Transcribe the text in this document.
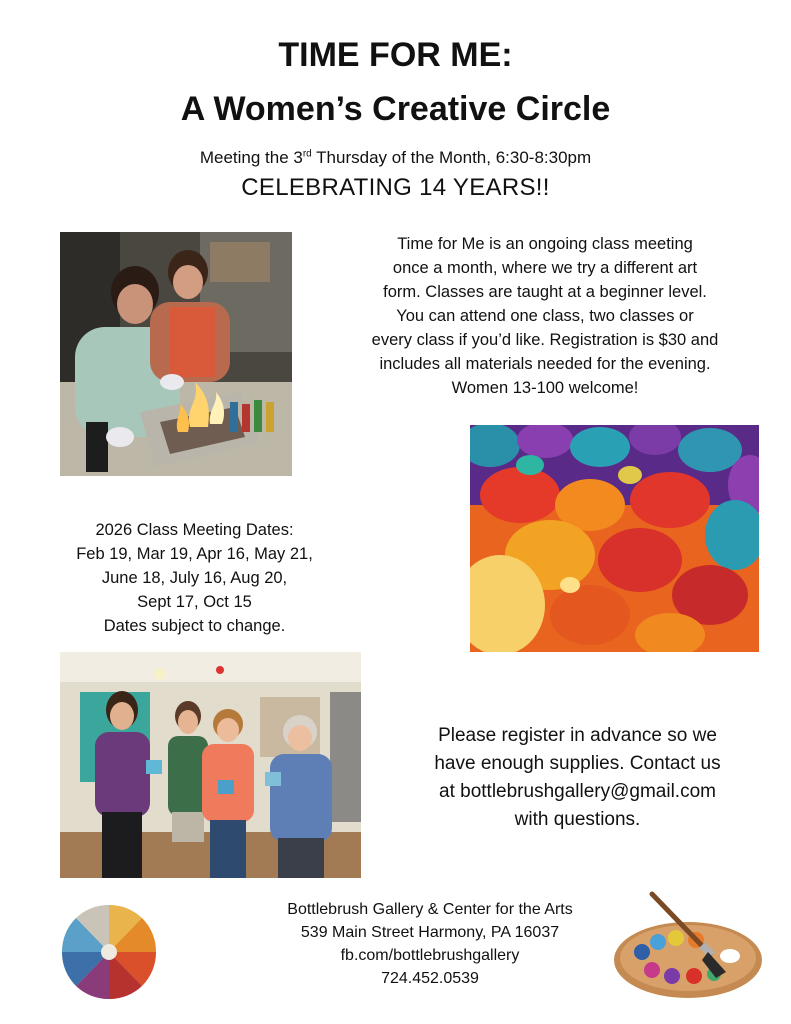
TIME FOR ME:
A Women’s Creative Circle
Meeting the 3rd Thursday of the Month, 6:30-8:30pm
CELEBRATING 14 YEARS!!
Time for Me is an ongoing class meeting
once a month, where we try a different art
form. Classes are taught at a beginner level.
You can attend one class, two classes or
every class if you’d like. Registration is $30 and
includes all materials needed for the evening.
Women 13-100 welcome!
2026 Class Meeting Dates:
Feb 19, Mar 19, Apr 16, May 21,
June 18, July 16, Aug 20,
Sept 17, Oct 15
Dates subject to change.
Please register in advance so we
have enough supplies. Contact us
at bottlebrushgallery@gmail.com
with questions.
Bottlebrush Gallery & Center for the Arts
539 Main Street Harmony, PA 16037
fb.com/bottlebrushgallery
724.452.0539
